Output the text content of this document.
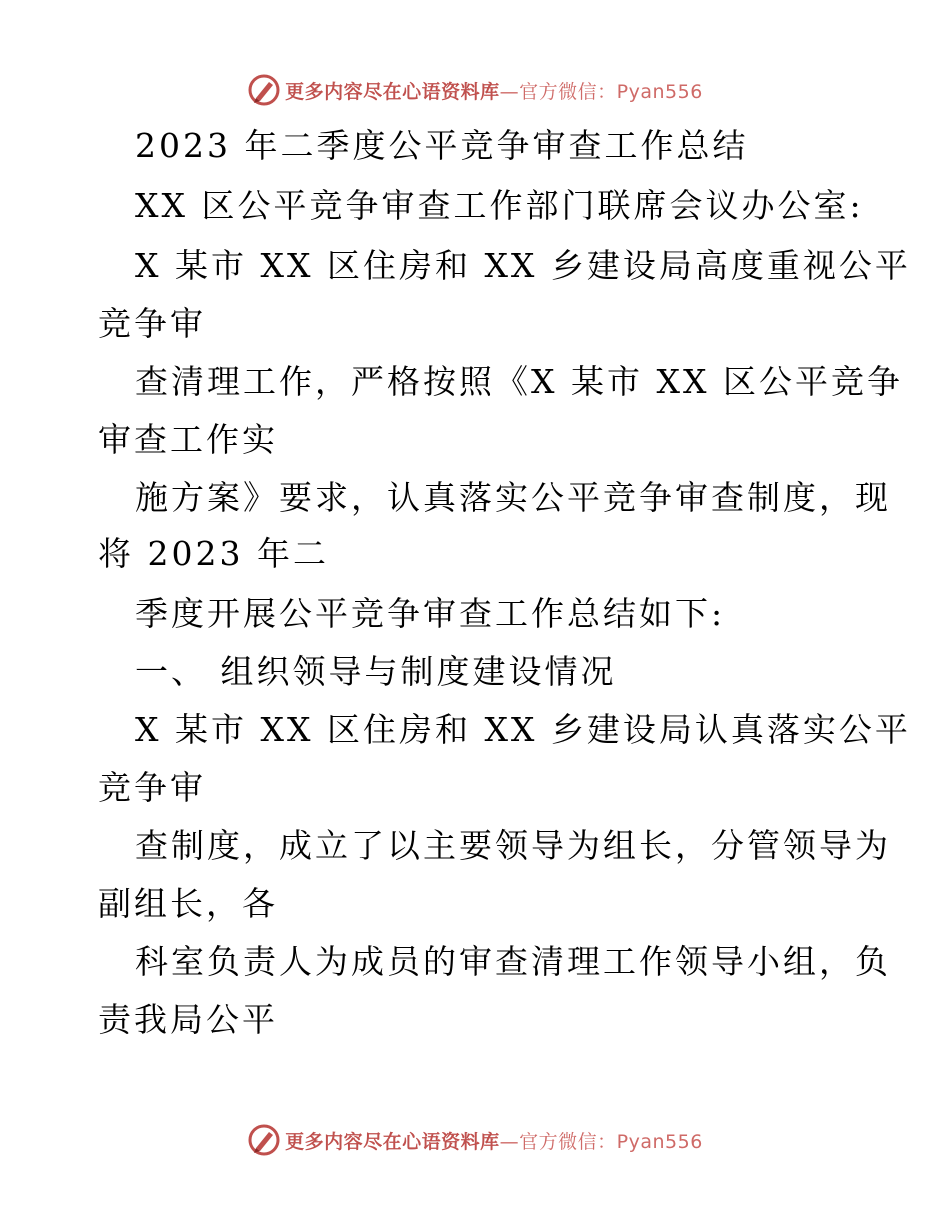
更多内容尽在心语资料库—官方微信：Pyan556
2023 年二季度公平竞争审查工作总结
XX 区公平竞争审查工作部门联席会议办公室:
X 某市 XX 区住房和 XX 乡建设局高度重视公平
竞争审
查清理工作，严格按照《X 某市 XX 区公平竞争
审查工作实
施方案》要求，认真落实公平竞争审查制度，现
将 2023 年二
季度开展公平竞争审查工作总结如下:
一、 组织领导与制度建设情况
X 某市 XX 区住房和 XX 乡建设局认真落实公平
竞争审
查制度，成立了以主要领导为组长，分管领导为
副组长，各
科室负责人为成员的审查清理工作领导小组，负
责我局公平
更多内容尽在心语资料库—官方微信：Pyan556
